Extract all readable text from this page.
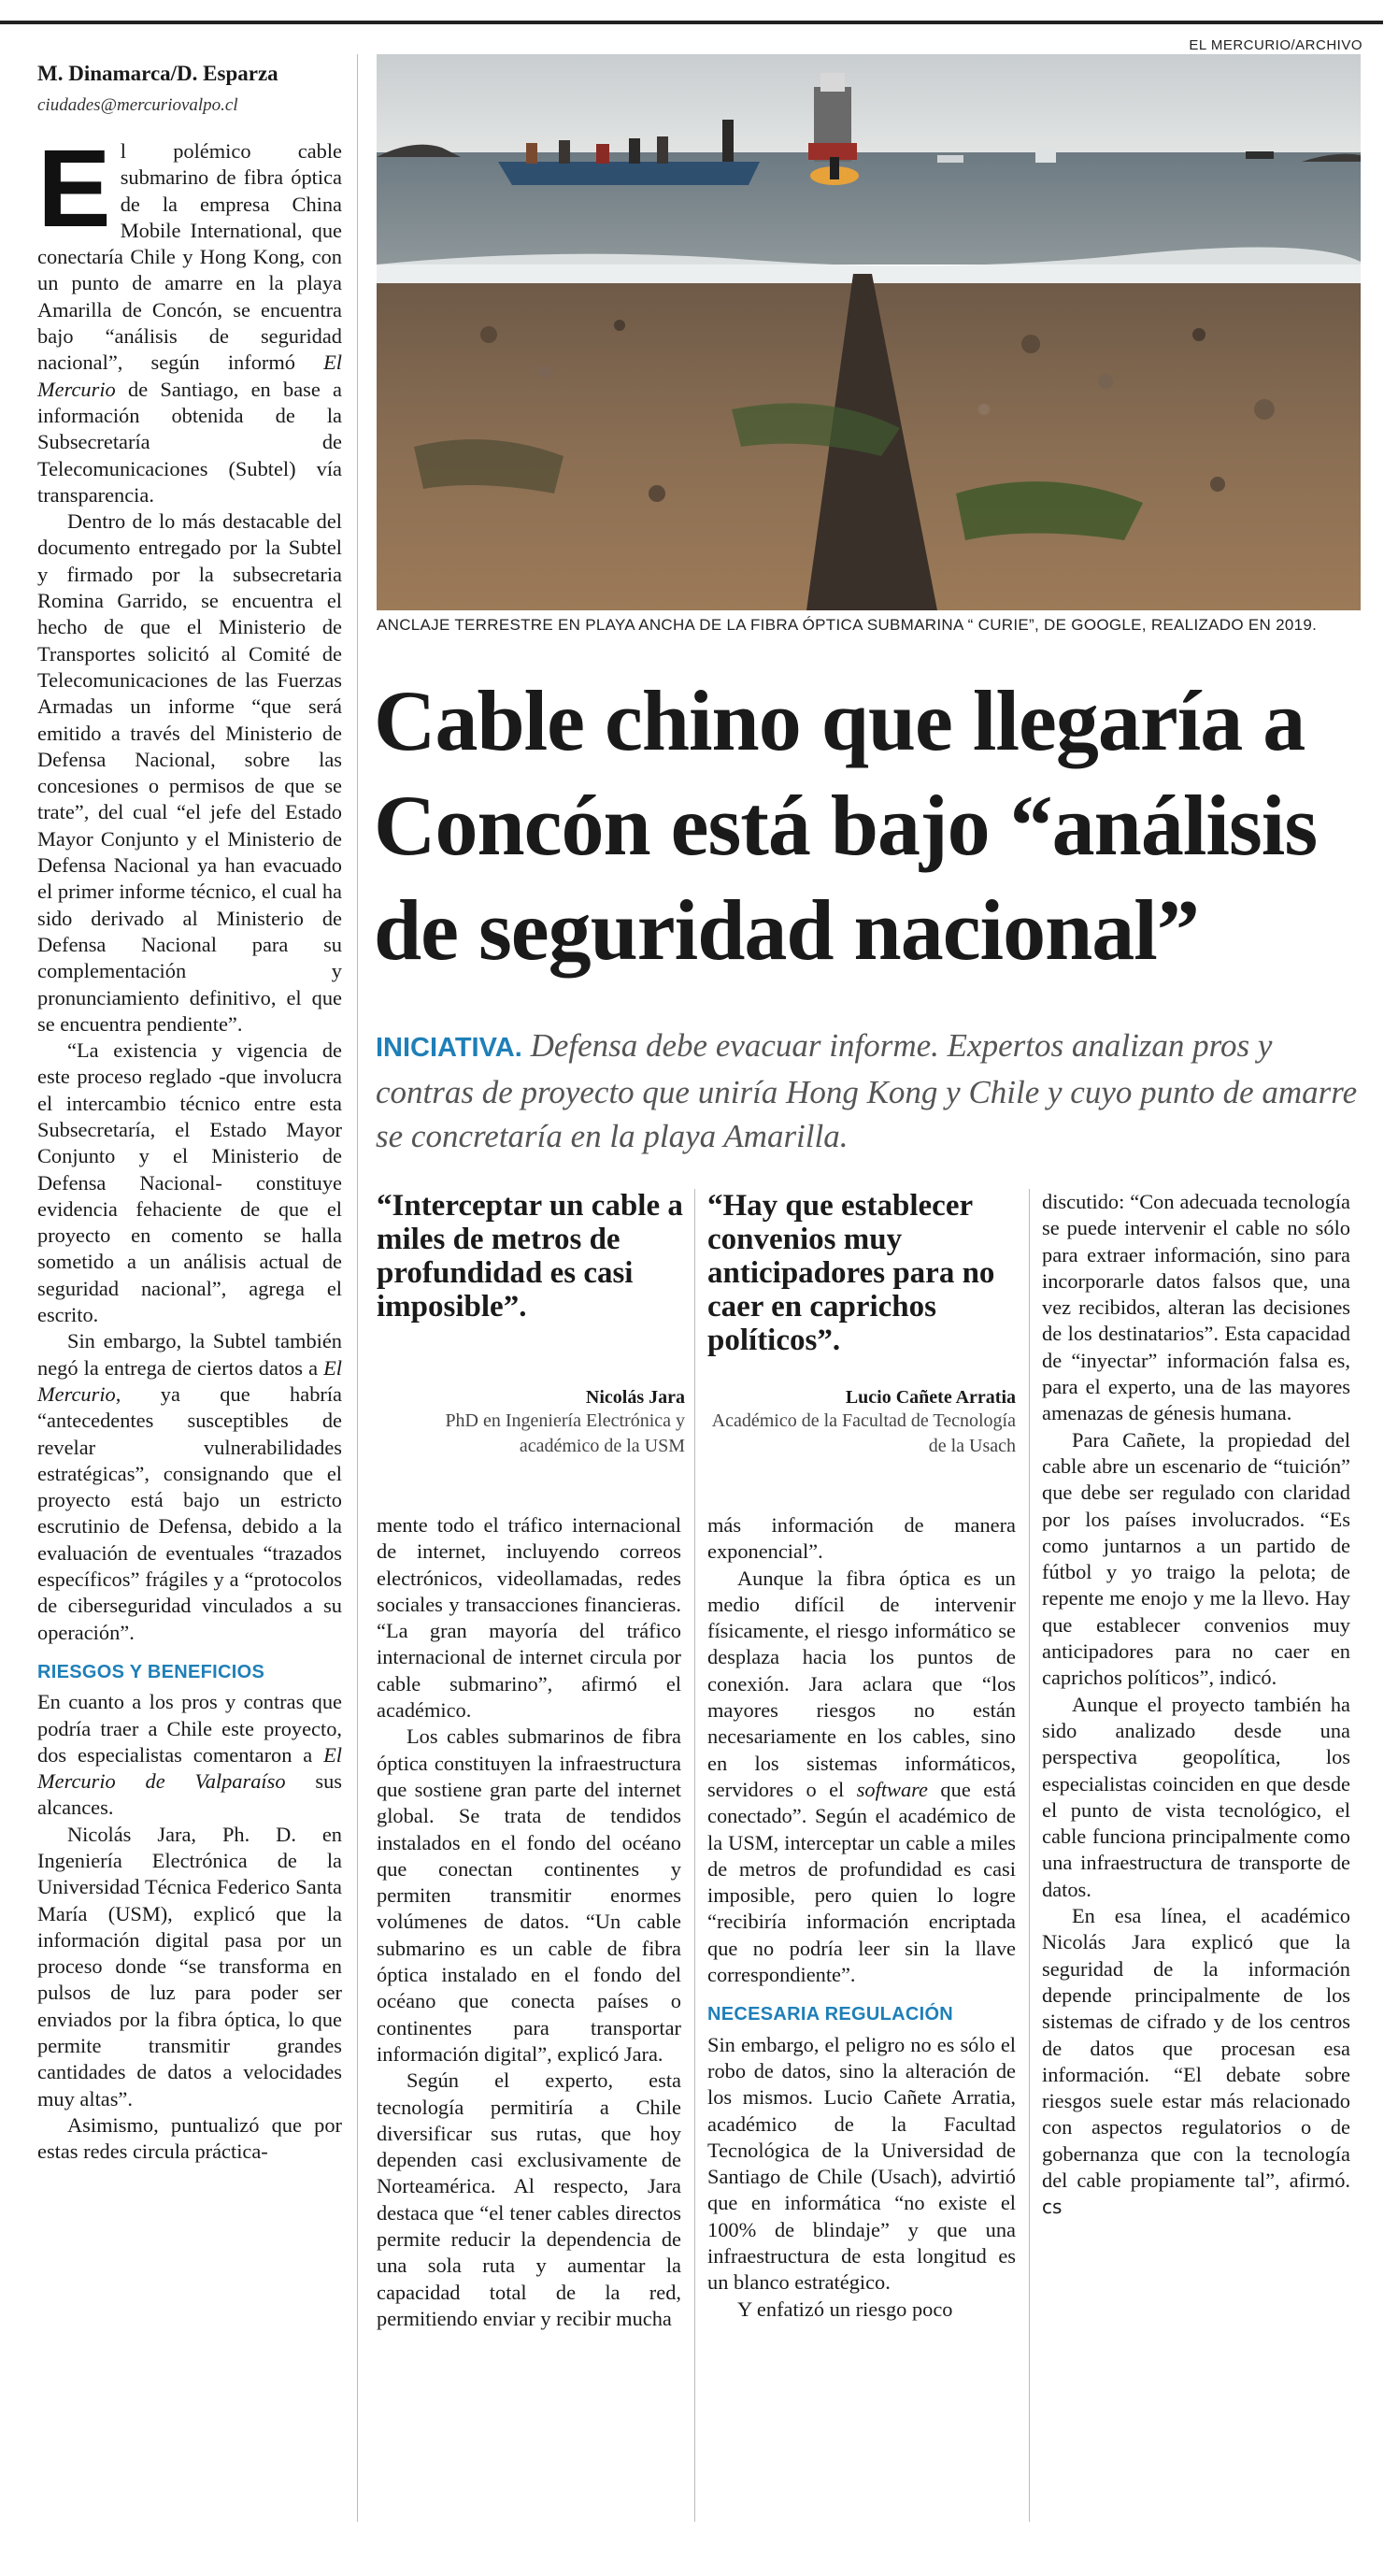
EL MERCURIO/ARCHIVO
M. Dinamarca/D. Esparza
ciudades@mercuriovalpo.cl

El polémico cable submarino de fibra óptica de la empresa China Mobile International, que conectaría Chile y Hong Kong, con un punto de amarre en la playa Amarilla de Concón, se encuentra bajo “análisis de seguridad nacional”, según informó El Mercurio de Santiago, en base a información obtenida de la Subsecretaría de Telecomunicaciones (Subtel) vía transparencia.

Dentro de lo más destacable del documento entregado por la Subtel y firmado por la subsecretaria Romina Garrido, se encuentra el hecho de que el Ministerio de Transportes solicitó al Comité de Telecomunicaciones de las Fuerzas Armadas un informe “que será emitido a través del Ministerio de Defensa Nacional, sobre las concesiones o permisos de que se trate”, del cual “el jefe del Estado Mayor Conjunto y el Ministerio de Defensa Nacional ya han evacuado el primer informe técnico, el cual ha sido derivado al Ministerio de Defensa Nacional para su complementación y pronunciamiento definitivo, el que se encuentra pendiente”.

“La existencia y vigencia de este proceso reglado -que involucra el intercambio técnico entre esta Subsecretaría, el Estado Mayor Conjunto y el Ministerio de Defensa Nacional- constituye evidencia fehaciente de que el proyecto en comento se halla sometido a un análisis actual de seguridad nacional”, agrega el escrito.

Sin embargo, la Subtel también negó la entrega de ciertos datos a El Mercurio, ya que habría “antecedentes susceptibles de revelar vulnerabilidades estratégicas”, consignando que el proyecto está bajo un estricto escrutinio de Defensa, debido a la evaluación de eventuales “trazados específicos” frágiles y a “protocolos de ciberseguridad vinculados a su operación”.

RIESGOS Y BENEFICIOS

En cuanto a los pros y contras que podría traer a Chile este proyecto, dos especialistas comentaron a El Mercurio de Valparaíso sus alcances.

Nicolás Jara, Ph. D. en Ingeniería Electrónica de la Universidad Técnica Federico Santa María (USM), explicó que la información digital pasa por un proceso donde “se transforma en pulsos de luz para poder ser enviados por la fibra óptica, lo que permite transmitir grandes cantidades de datos a velocidades muy altas”.

Asimismo, puntualizó que por estas redes circula práctica-

ANCLAJE TERRESTRE EN PLAYA ANCHA DE LA FIBRA ÓPTICA SUBMARINA “ CURIE”, DE GOOGLE, REALIZADO EN 2019.
Cable chino que llegaría a Concón está bajo “análisis de seguridad nacional”
INICIATIVA. Defensa debe evacuar informe. Expertos analizan pros y contras de proyecto que uniría Hong Kong y Chile y cuyo punto de amarre se concretaría en la playa Amarilla.
“Interceptar un cable a miles de metros de profundidad es casi imposible”.
Nicolás Jara
PhD en Ingeniería Electrónica y académico de la USM
“Hay que establecer convenios muy anticipadores para no caer en caprichos políticos”.
Lucio Cañete Arratia
Académico de la Facultad de Tecnología de la Usach

mente todo el tráfico internacional de internet, incluyendo correos electrónicos, videollamadas, redes sociales y transacciones financieras. “La gran mayoría del tráfico internacional de internet circula por cable submarino”, afirmó el académico.

Los cables submarinos de fibra óptica constituyen la infraestructura que sostiene gran parte del internet global. Se trata de tendidos instalados en el fondo del océano que conectan continentes y permiten transmitir enormes volúmenes de datos. “Un cable submarino es un cable de fibra óptica instalado en el fondo del océano que conecta países o continentes para transportar información digital”, explicó Jara.

Según el experto, esta tecnología permitiría a Chile diversificar sus rutas, que hoy dependen casi exclusivamente de Norteamérica. Al respecto, Jara destaca que “el tener cables directos permite reducir la dependencia de una sola ruta y aumentar la capacidad total de la red, permitiendo enviar y recibir mucha

más información de manera exponencial”.

Aunque la fibra óptica es un medio difícil de intervenir físicamente, el riesgo informático se desplaza hacia los puntos de conexión. Jara aclara que “los mayores riesgos no están necesariamente en los cables, sino en los sistemas informáticos, servidores o el software que está conectado”. Según el académico de la USM, interceptar un cable a miles de metros de profundidad es casi imposible, pero quien lo logre “recibiría información encriptada que no podría leer sin la llave correspondiente”.

NECESARIA REGULACIÓN

Sin embargo, el peligro no es sólo el robo de datos, sino la alteración de los mismos. Lucio Cañete Arratia, académico de la Facultad Tecnológica de la Universidad de Santiago de Chile (Usach), advirtió que en informática “no existe el 100% de blindaje” y que una infraestructura de esta longitud es un blanco estratégico.

Y enfatizó un riesgo poco

discutido: “Con adecuada tecnología se puede intervenir el cable no sólo para extraer información, sino para incorporarle datos falsos que, una vez recibidos, alteran las decisiones de los destinatarios”. Esta capacidad de “inyectar” información falsa es, para el experto, una de las mayores amenazas de génesis humana.

Para Cañete, la propiedad del cable abre un escenario de “tuición” que debe ser regulado con claridad por los países involucrados. “Es como juntarnos a un partido de fútbol y yo traigo la pelota; de repente me enojo y me la llevo. Hay que establecer convenios muy anticipadores para no caer en caprichos políticos”, indicó.

Aunque el proyecto también ha sido analizado desde una perspectiva geopolítica, los especialistas coinciden en que desde el punto de vista tecnológico, el cable funciona principalmente como una infraestructura de transporte de datos.

En esa línea, el académico Nicolás Jara explicó que la seguridad de la información depende principalmente de los sistemas de cifrado y de los centros de datos que procesan esa información. “El debate sobre riesgos suele estar más relacionado con aspectos regulatorios o de gobernanza que con la tecnología del cable propiamente tal”, afirmó. cs
